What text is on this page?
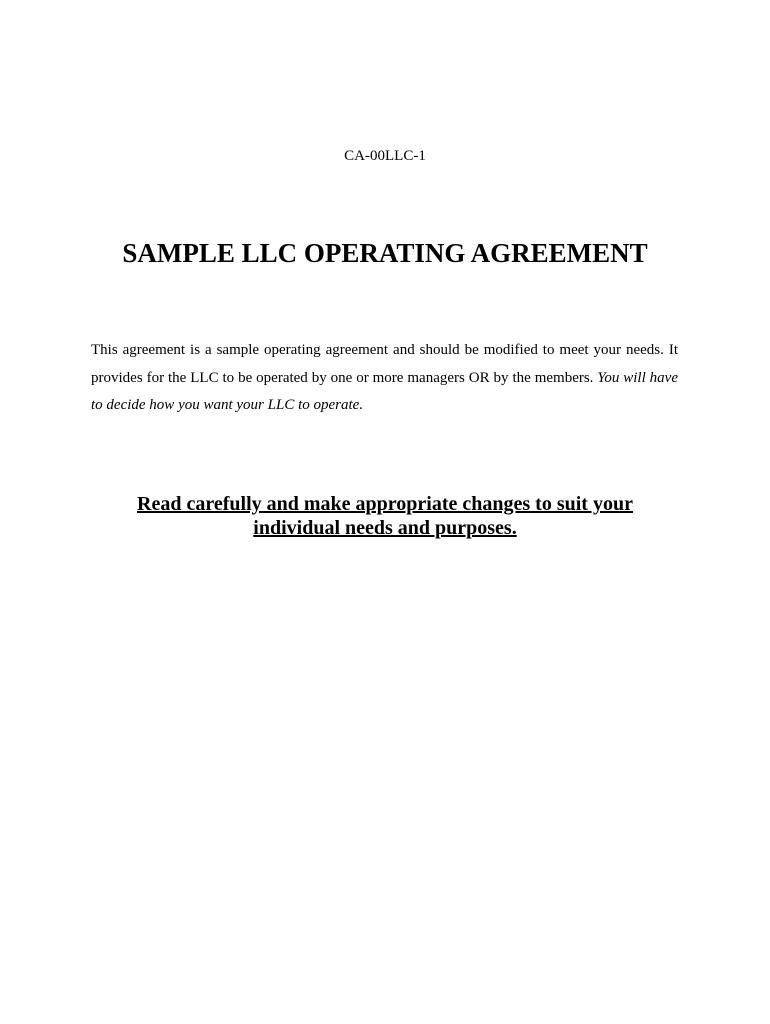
CA-00LLC-1
SAMPLE LLC OPERATING AGREEMENT

This agreement is a sample operating agreement and should be modified to meet your needs. It provides for the LLC to be operated by one or more managers OR by the members. You will have to decide how you want your LLC to operate.

Read carefully and make appropriate changes to suit your individual needs and purposes.
